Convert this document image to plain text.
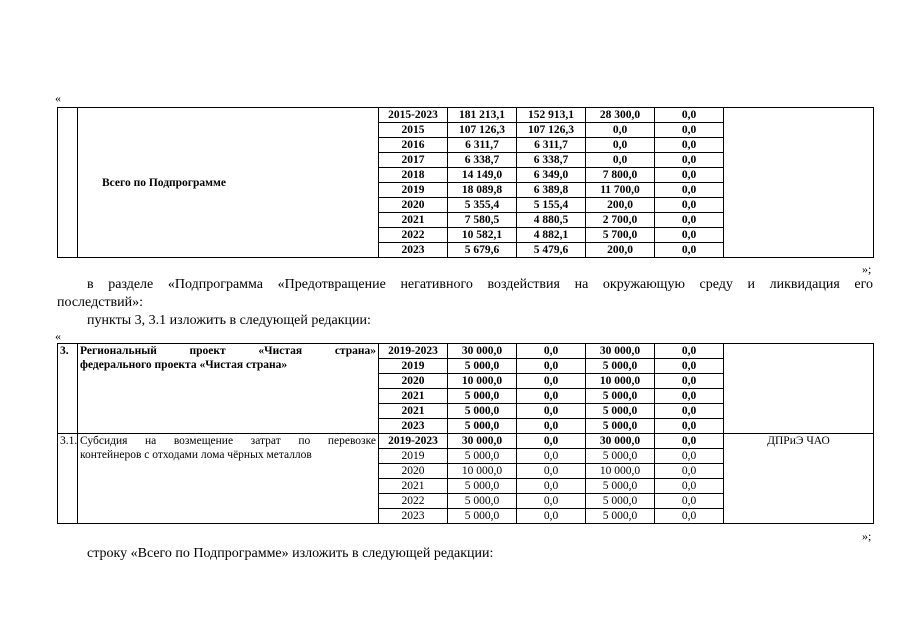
«
	Всего по Подпрограмме	2015-2023	181 213,1	152 913,1	28 300,0	0,0	
		2015	107 126,3	107 126,3	0,0	0,0	
		2016	6 311,7	6 311,7	0,0	0,0	
		2017	6 338,7	6 338,7	0,0	0,0	
		2018	14 149,0	6 349,0	7 800,0	0,0	
		2019	18 089,8	6 389,8	11 700,0	0,0	
		2020	5 355,4	5 155,4	200,0	0,0	
		2021	7 580,5	4 880,5	2 700,0	0,0	
		2022	10 582,1	4 882,1	5 700,0	0,0	
		2023	5 679,6	5 479,6	200,0	0,0	
»;
в разделе «Подпрограмма «Предотвращение негативного воздействия на окружающую среду и ликвидация его
последствий»:
пункты 3, 3.1 изложить в следующей редакции:
«
3.	Региональный проект «Чистая страна»
федерального проекта «Чистая страна»	2019-2023	30 000,0	0,0	30 000,0	0,0	
		2019	5 000,0	0,0	5 000,0	0,0	
		2020	10 000,0	0,0	10 000,0	0,0	
		2021	5 000,0	0,0	5 000,0	0,0	
		2021	5 000,0	0,0	5 000,0	0,0	
		2023	5 000,0	0,0	5 000,0	0,0	
3.1.	Субсидия на возмещение затрат по перевозке
контейнеров с отходами лома чёрных металлов	2019-2023	30 000,0	0,0	30 000,0	0,0	ДПРиЭ ЧАО
		2019	5 000,0	0,0	5 000,0	0,0	
		2020	10 000,0	0,0	10 000,0	0,0	
		2021	5 000,0	0,0	5 000,0	0,0	
		2022	5 000,0	0,0	5 000,0	0,0	
		2023	5 000,0	0,0	5 000,0	0,0	
»;
строку «Всего по Подпрограмме» изложить в следующей редакции:
